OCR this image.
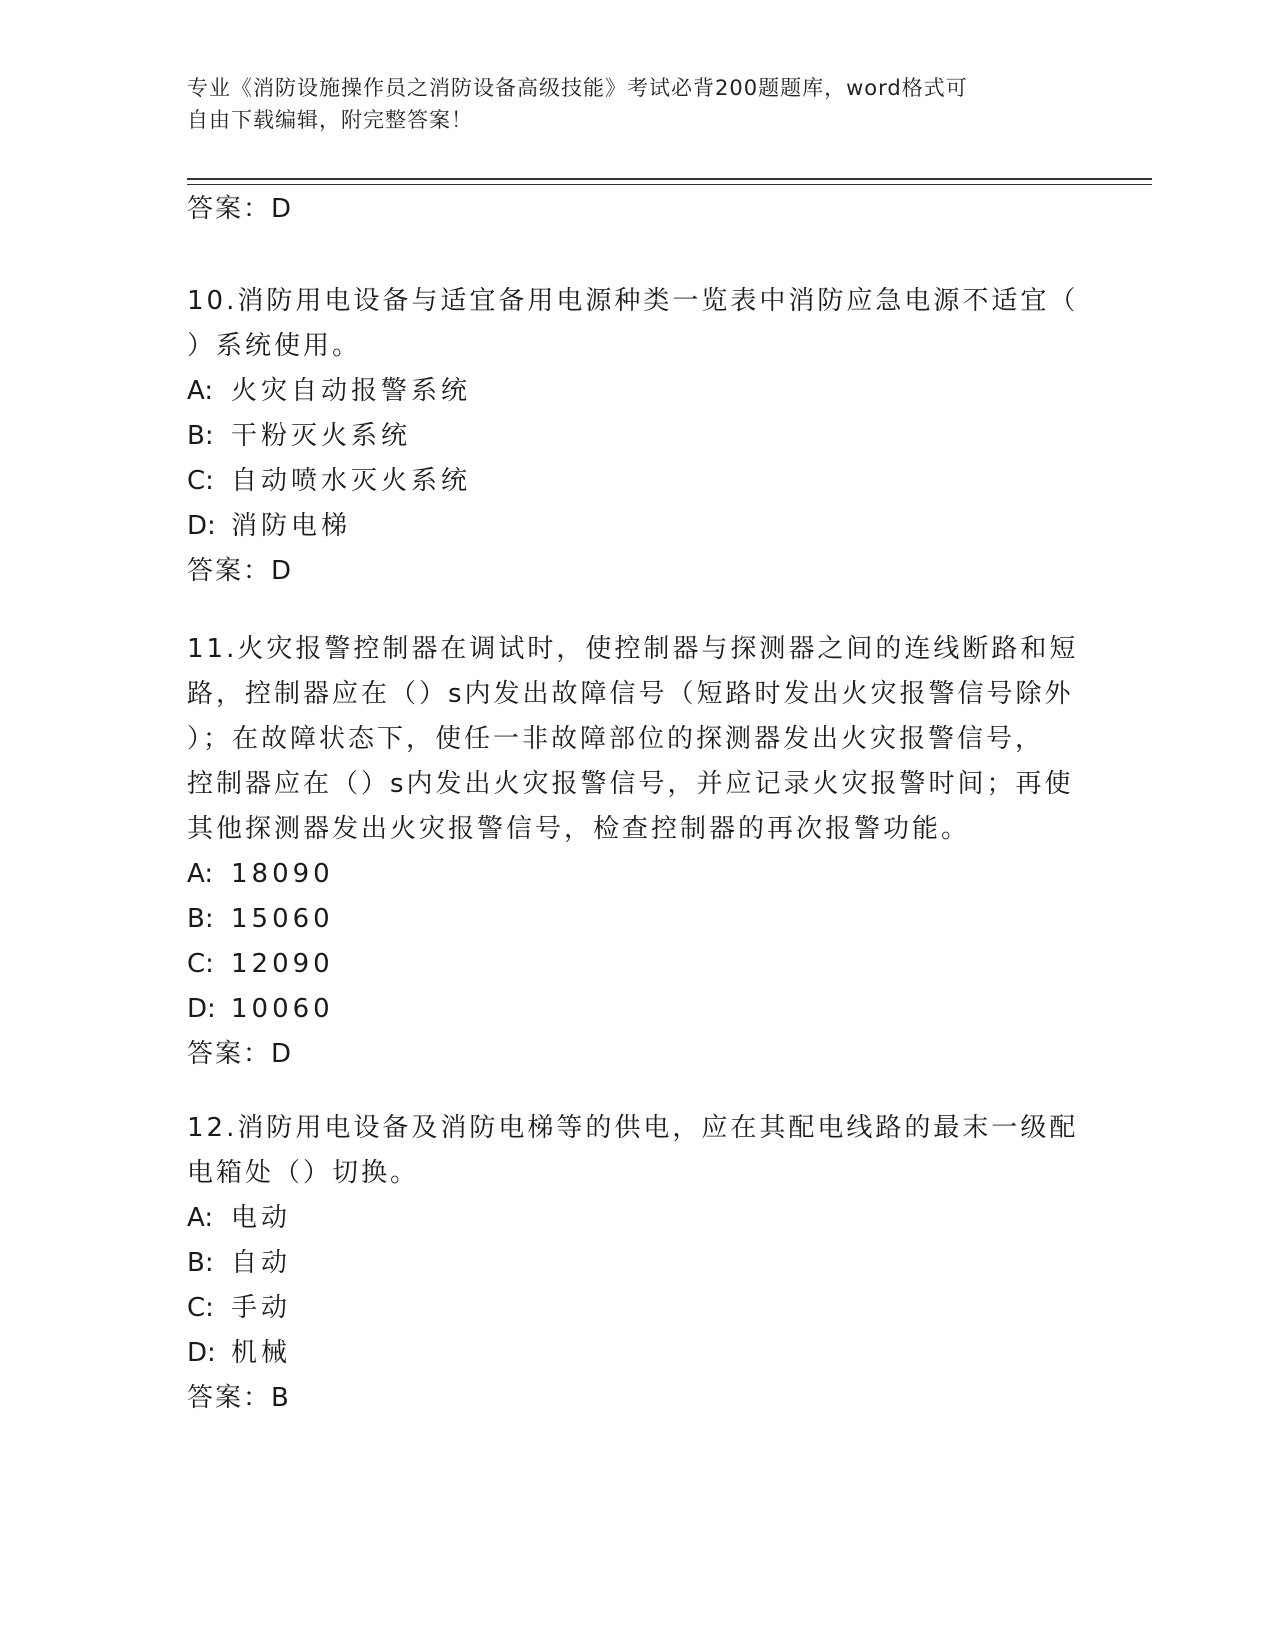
专业《消防设施操作员之消防设备高级技能》考试必背200题题库，word格式可
自由下载编辑，附完整答案！
答案：D
10.消防用电设备与适宜备用电源种类一览表中消防应急电源不适宜（
）系统使用。
A: 火灾自动报警系统
B: 干粉灭火系统
C: 自动喷水灭火系统
D: 消防电梯
答案：D
11.火灾报警控制器在调试时，使控制器与探测器之间的连线断路和短
路，控制器应在（）s内发出故障信号（短路时发出火灾报警信号除外
）；在故障状态下，使任一非故障部位的探测器发出火灾报警信号，
控制器应在（）s内发出火灾报警信号，并应记录火灾报警时间；再使
其他探测器发出火灾报警信号，检查控制器的再次报警功能。
A: 18090
B: 15060
C: 12090
D: 10060
答案：D
12.消防用电设备及消防电梯等的供电，应在其配电线路的最末一级配
电箱处（）切换。
A: 电动
B: 自动
C: 手动
D: 机械
答案：B
